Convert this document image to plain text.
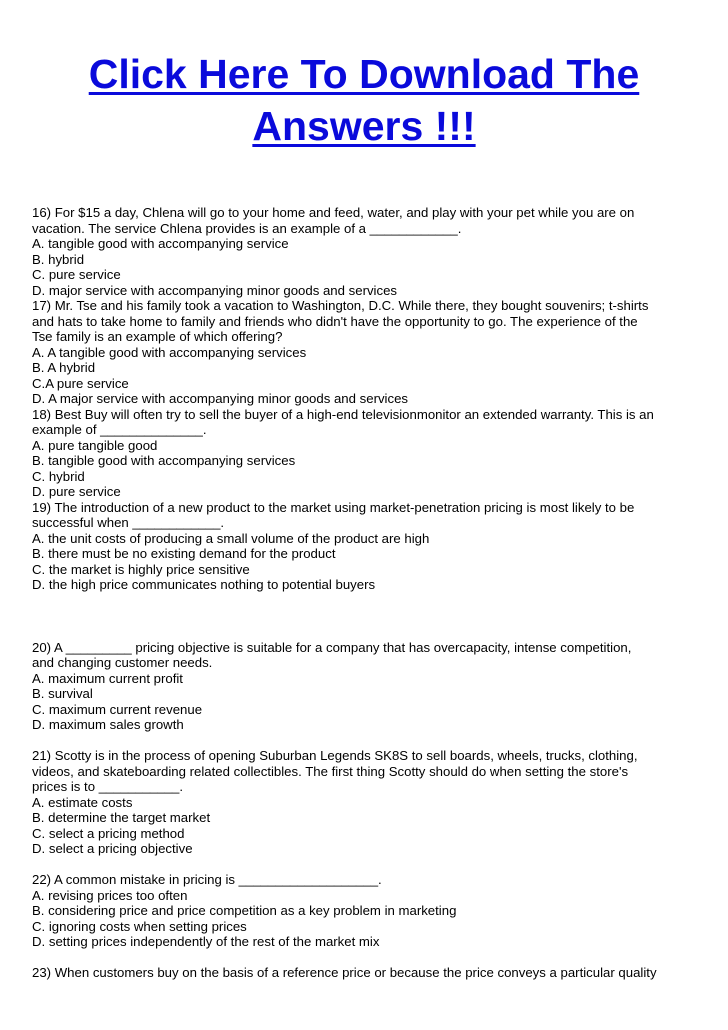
Click Here To Download The
Answers !!!

16) For $15 a day, Chlena will go to your home and feed, water, and play with your pet while you are on

vacation. The service Chlena provides is an example of a ____________.

A. tangible good with accompanying service

B. hybrid

C. pure service

D. major service with accompanying minor goods and services

17) Mr. Tse and his family took a vacation to Washington, D.C. While there, they bought souvenirs; t-shirts

and hats to take home to family and friends who didn't have the opportunity to go. The experience of the

Tse family is an example of which offering?

A. A tangible good with accompanying services

B. A hybrid

C.A pure service

D. A major service with accompanying minor goods and services

18) Best Buy will often try to sell the buyer of a high-end televisionmonitor an extended warranty. This is an

example of ______________.

A. pure tangible good

B. tangible good with accompanying services

C. hybrid

D. pure service

19) The introduction of a new product to the market using market-penetration pricing is most likely to be

successful when ____________.

A. the unit costs of producing a small volume of the product are high

B. there must be no existing demand for the product

C. the market is highly price sensitive

D. the high price communicates nothing to potential buyers

20) A _________ pricing objective is suitable for a company that has overcapacity, intense competition,

and changing customer needs.

A. maximum current profit

B. survival

C. maximum current revenue

D. maximum sales growth

21) Scotty is in the process of opening Suburban Legends SK8S to sell boards, wheels, trucks, clothing,

videos, and skateboarding related collectibles. The first thing Scotty should do when setting the store's

prices is to ___________.

A. estimate costs

B. determine the target market

C. select a pricing method

D. select a pricing objective

22) A common mistake in pricing is ___________________.

A. revising prices too often

B. considering price and price competition as a key problem in marketing

C. ignoring costs when setting prices

D. setting prices independently of the rest of the market mix

23) When customers buy on the basis of a reference price or because the price conveys a particular quality
